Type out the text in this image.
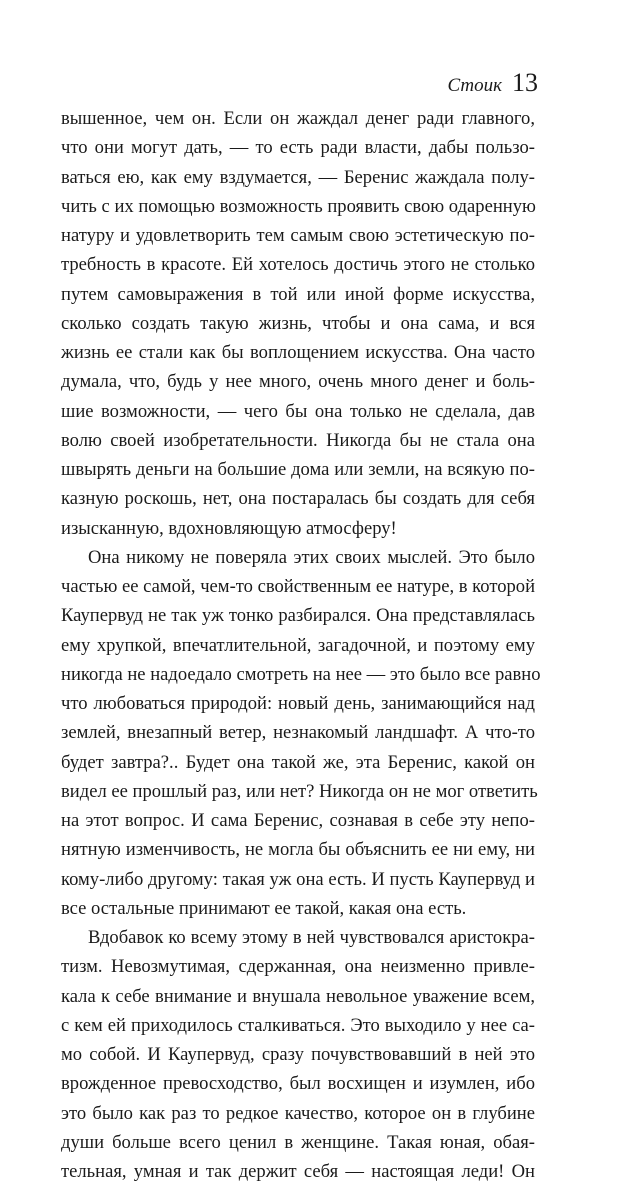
Стоик 13
вышенное, чем он. Если он жаждал денег ради главного,
что они могут дать, — то есть ради власти, дабы пользо-
ваться ею, как ему вздумается, — Беренис жаждала полу-
чить с их помощью возможность проявить свою одаренную
натуру и удовлетворить тем самым свою эстетическую по-
требность в красоте. Ей хотелось достичь этого не столько
путем самовыражения в той или иной форме искусства,
сколько создать такую жизнь, чтобы и она сама, и вся
жизнь ее стали как бы воплощением искусства. Она часто
думала, что, будь у нее много, очень много денег и боль-
шие возможности, — чего бы она только не сделала, дав
волю своей изобретательности. Никогда бы не стала она
швырять деньги на большие дома или земли, на всякую по-
казную роскошь, нет, она постаралась бы создать для себя
изысканную, вдохновляющую атмосферу!
Она никому не поверяла этих своих мыслей. Это было
частью ее самой, чем-то свойственным ее натуре, в которой
Каупервуд не так уж тонко разбирался. Она представлялась
ему хрупкой, впечатлительной, загадочной, и поэтому ему
никогда не надоедало смотреть на нее — это было все равно
что любоваться природой: новый день, занимающийся над
землей, внезапный ветер, незнакомый ландшафт. А что-то
будет завтра?.. Будет она такой же, эта Беренис, какой он
видел ее прошлый раз, или нет? Никогда он не мог ответить
на этот вопрос. И сама Беренис, сознавая в себе эту непо-
нятную изменчивость, не могла бы объяснить ее ни ему, ни
кому-либо другому: такая уж она есть. И пусть Каупервуд и
все остальные принимают ее такой, какая она есть.
Вдобавок ко всему этому в ней чувствовался аристокра-
тизм. Невозмутимая, сдержанная, она неизменно привле-
кала к себе внимание и внушала невольное уважение всем,
с кем ей приходилось сталкиваться. Это выходило у нее са-
мо собой. И Каупервуд, сразу почувствовавший в ней это
врожденное превосходство, был восхищен и изумлен, ибо
это было как раз то редкое качество, которое он в глубине
души больше всего ценил в женщине. Такая юная, обая-
тельная, умная и так держит себя — настоящая леди! Он
